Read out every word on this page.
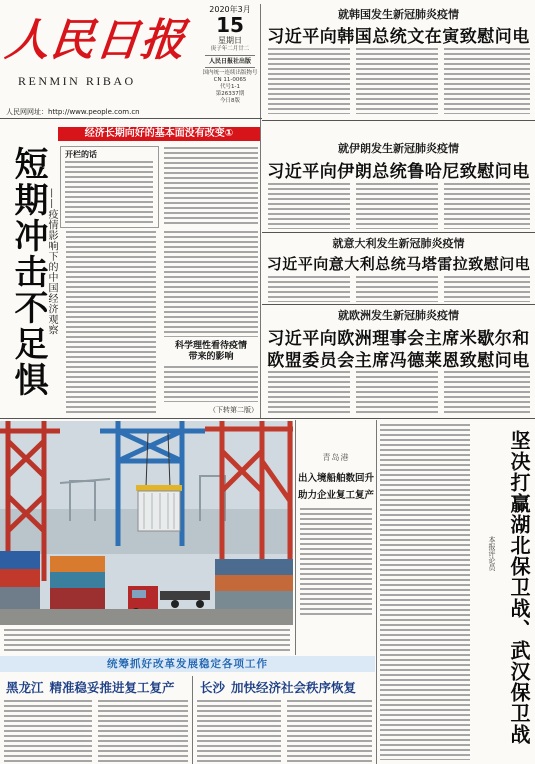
人民日报
RENMIN RIBAO
人民网网址：http://www.people.com.cn
2020年3月
15
星期日
庚子年二月廿二
人民日报社出版
国内统一连续出版物号
CN 11-0065
代号1-1
第26337期
今日8版
就韩国发生新冠肺炎疫情
习近平向韩国总统文在寅致慰问电
就伊朗发生新冠肺炎疫情
习近平向伊朗总统鲁哈尼致慰问电
就意大利发生新冠肺炎疫情
习近平向意大利总统马塔雷拉致慰问电
就欧洲发生新冠肺炎疫情
习近平向欧洲理事会主席米歇尔和
欧盟委员会主席冯德莱恩致慰问电
经济长期向好的基本面没有改变①
短期冲击不足惧
——疫情影响下的中国经济观察
开栏的话
科学理性看待疫情带来的影响
（下转第二版）
青岛港
出入境船舶数回升
助力企业复工复产	坚决打赢湖北保卫战、武汉保卫战
本报评论员
统筹抓好改革发展稳定各项工作
黑龙江 精准稳妥推进复工复产	长沙 加快经济社会秩序恢复
